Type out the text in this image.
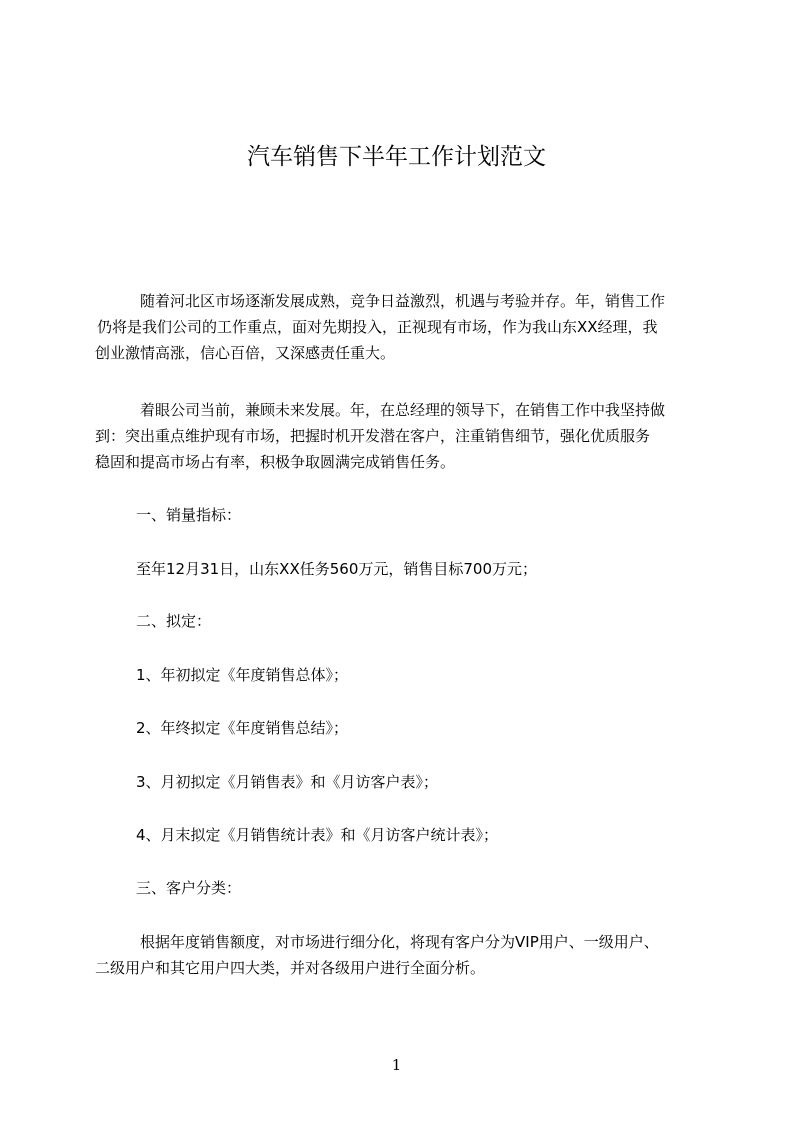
汽车销售下半年工作计划范文
随着河北区市场逐渐发展成熟，竞争日益激烈，机遇与考验并存。年，销售工作
仍将是我们公司的工作重点，面对先期投入，正视现有市场，作为我山东XX经理，我
创业激情高涨，信心百倍，又深感责任重大。
着眼公司当前，兼顾未来发展。年，在总经理的领导下，在销售工作中我坚持做
到：突出重点维护现有市场，把握时机开发潜在客户，注重销售细节，强化优质服务
稳固和提高市场占有率，积极争取圆满完成销售任务。
一、销量指标：
至年12月31日，山东XX任务560万元，销售目标700万元；
二、拟定：
1、年初拟定《年度销售总体》；
2、年终拟定《年度销售总结》；
3、月初拟定《月销售表》和《月访客户表》；
4、月末拟定《月销售统计表》和《月访客户统计表》；
三、客户分类：
根据年度销售额度，对市场进行细分化，将现有客户分为VIP用户、一级用户、
二级用户和其它用户四大类，并对各级用户进行全面分析。
1
